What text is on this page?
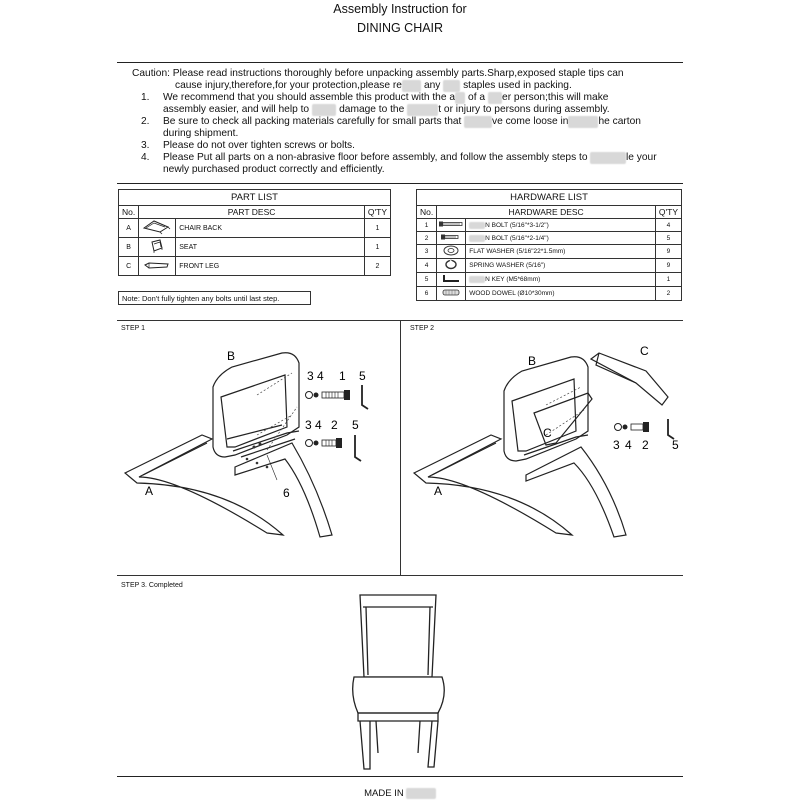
Assembly Instruction for
DINING CHAIR
Caution: Please read instructions thoroughly before unpacking assembly parts.Sharp,exposed staple tips can
cause injury,therefore,for your protection,please re any  staples used in packing.
1.	We recommend that you should assemble this product with the a of a er person;this will make
assembly easier, and will help to  damage to the	t or injury to persons during assembly.
2.	Be sure to check all packing materials carefully for small parts that	ve come loose in	he carton
during shipment.
3.	Please do not over tighten screws or bolts.
4.	Please Put all parts on a non-abrasive floor before assembly, and follow the assembly steps to	le your
newly purchased product correctly and efficiently.
PART LIST			
No.	PART DESC		Q'TY
A		CHAIR BACK	1
B		SEAT	1
C		FRONT LEG	2
HARDWARE LIST			
No.	HARDWARE DESC		Q'TY
1		N BOLT (5/16"*3-1/2")	4
2		N BOLT (5/16"*2-1/4")	5
3		FLAT WASHER (5/16"22*1.5mm)	9
4		SPRING WASHER (5/16")	9
5		N KEY (M5*68mm)	1
6		WOOD DOWEL (Ø10*30mm)	2
Note: Don't fully tighten any bolts until last step.
STEP 1	STEP 2
B
A
3 4 1 5
3 4 2 5
6
C
B
C
A
3 4 2 5
STEP 3. Completed
MADE IN
